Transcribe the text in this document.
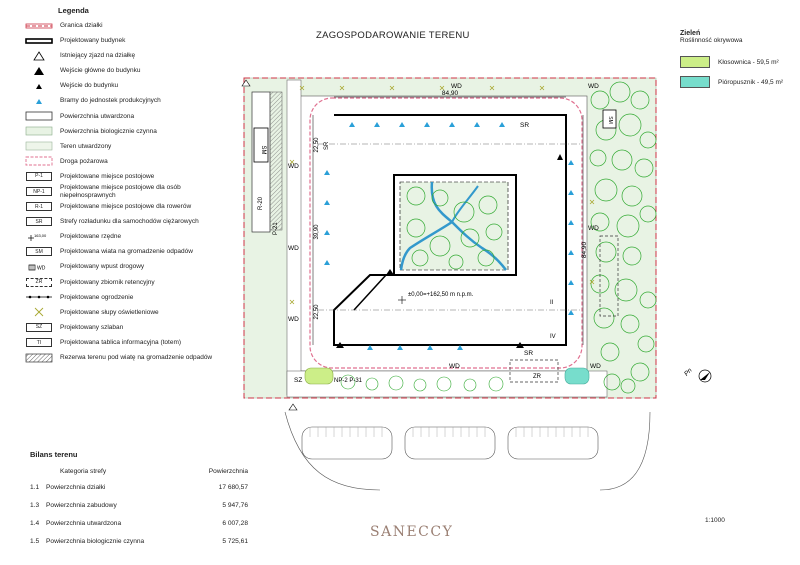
ZAGOSPODAROWANIE TERENU
Legenda
Granica działki
Projektowany budynek
Istniejący zjazd na działkę
Wejście główne do budynku
Wejście do budynku
Bramy do jednostek produkcyjnych
Powierzchnia utwardzona
Powierzchnia biologicznie czynna
Teren utwardzony
Droga pożarowa
P-1	Projektowane miejsce postojowe
NP-1
Projektowane miejsce postojowe dla osób niepełnosprawnych
R-1	Projektowane miejsce postojowe dla rowerów
SR	Strefy rozładunku dla samochodów ciężarowych
163,00 Projektowane rzędne
SM	Projektowana wiata na gromadzenie odpadów
WD Projektowany wpust drogowy
ZR	Projektowany zbiornik retencyjny
Projektowane ogrodzenie
Projektowane słupy oświetleniowe
SZ	Projektowany szlaban
TI	Projektowana tablica informacyjna (totem)
Rezerwa terenu pod wiatę na gromadzenie odpadów
Bilans terenu
Kategoria strefy	Powierzchnia
1.1	Powierzchnia działki	17 680,57
1.3	Powierzchnia zabudowy	5 947,76
1.4	Powierzchnia utwardzona	6 007,28
1.5	Powierzchnia biologicznie czynna	5 725,61
Zieleń
Roślinność okrywowa
Kłosownica - 59,5 m²
Pióropusznik - 49,5 m²
SM
R-20
P-21
SM
84,90
84,90
22,50
39,90
22,50
WD	WD
WD
WD
WD
WD
WD	WD
SR
SR
SR
ZR
SZ	NP-2 P-31
II
IV
±0,00=+162,50 m n.p.m.
Pn
SANECCY
1:1000
